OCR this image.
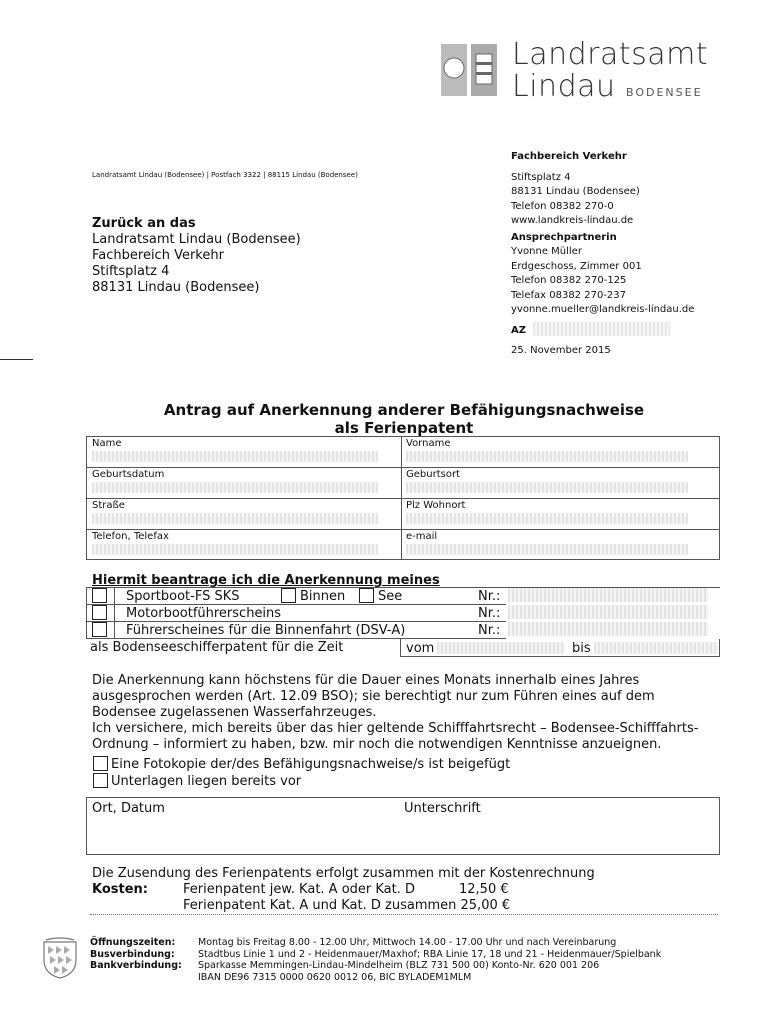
Landratsamt
Lindau BODENSEE
Landratsamt Lindau (Bodensee) | Postfach 3322 | 88115 Lindau (Bodensee)
Zurück an das
Landratsamt Lindau (Bodensee)
Fachbereich Verkehr
Stiftsplatz 4
88131 Lindau (Bodensee)
Fachbereich Verkehr
Stiftsplatz 4
88131 Lindau (Bodensee)
Telefon 08382 270-0
www.landkreis-lindau.de
Ansprechpartnerin
Yvonne Müller
Erdgeschoss, Zimmer 001
Telefon 08382 270-125
Telefax 08382 270-237
yvonne.mueller@landkreis-lindau.de
AZ
25. November 2015
Antrag auf Anerkennung anderer Befähigungsnachweise
als Ferienpatent
Name	Vorname
Geburtsdatum	Geburtsort
Straße	Plz Wohnort
Telefon, Telefax	e-mail
Hiermit beantrage ich die Anerkennung meines
Sportboot-FS SKS	Binnen	See	Nr.:
Motorbootführerscheins	Nr.:
Führerscheines für die Binnenfahrt (DSV-A)	Nr.:
als Bodenseeschifferpatent für die Zeit	vom	bis
Die Anerkennung kann höchstens für die Dauer eines Monats innerhalb eines Jahres
ausgesprochen werden (Art. 12.09 BSO); sie berechtigt nur zum Führen eines auf dem
Bodensee zugelassenen Wasserfahrzeuges.
Ich versichere, mich bereits über das hier geltende Schifffahrtsrecht – Bodensee-Schifffahrts-
Ordnung – informiert zu haben, bzw. mir noch die notwendigen Kenntnisse anzueignen.
Eine Fotokopie der/des Befähigungsnachweise/s ist beigefügt
Unterlagen liegen bereits vor
Ort, Datum	Unterschrift
Die Zusendung des Ferienpatents erfolgt zusammen mit der Kostenrechnung
Kosten:	Ferienpatent jew. Kat. A oder Kat. D	12,50 €
Ferienpatent Kat. A und Kat. D zusammen 25,00 €
Öffnungszeiten: Montag bis Freitag 8.00 - 12.00 Uhr, Mittwoch 14.00 - 17.00 Uhr und nach Vereinbarung
Busverbindung: Stadtbus Linie 1 und 2 - Heidenmauer/Maxhof; RBA Linie 17, 18 und 21 - Heidenmauer/Spielbank
Bankverbindung: Sparkasse Memmingen-Lindau-Mindelheim (BLZ 731 500 00) Konto-Nr. 620 001 206
IBAN DE96 7315 0000 0620 0012 06, BIC BYLADEM1MLM
